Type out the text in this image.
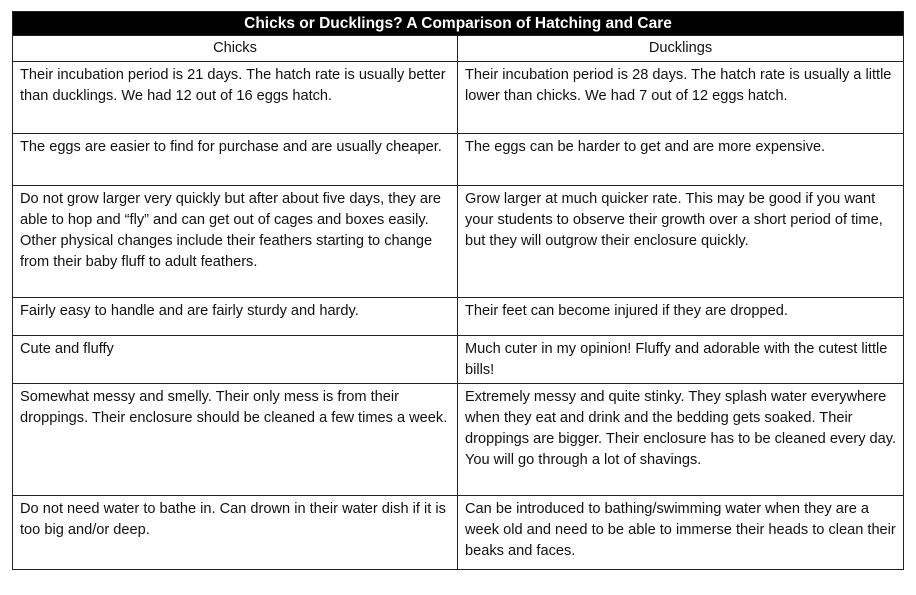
Chicks or Ducklings? A Comparison of Hatching and Care	
Chicks	Ducklings
Their incubation period is 21 days. The hatch rate is usually better than ducklings. We had 12 out of 16 eggs hatch.	Their incubation period is 28 days. The hatch rate is usually a little lower than chicks. We had 7 out of 12 eggs hatch.
The eggs are easier to find for purchase and are usually cheaper.	The eggs can be harder to get and are more expensive.
Do not grow larger very quickly but after about five days, they are able to hop and “fly” and can get out of cages and boxes easily. Other physical changes include their feathers starting to change from their baby fluff to adult feathers.	Grow larger at much quicker rate. This may be good if you want your students to observe their growth over a short period of time, but they will outgrow their enclosure quickly.
Fairly easy to handle and are fairly sturdy and hardy.	Their feet can become injured if they are dropped.
Cute and fluffy	Much cuter in my opinion! Fluffy and adorable with the cutest little bills!
Somewhat messy and smelly. Their only mess is from their droppings. Their enclosure should be cleaned a few times a week.	Extremely messy and quite stinky. They splash water everywhere when they eat and drink and the bedding gets soaked. Their droppings are bigger. Their enclosure has to be cleaned every day. You will go through a lot of shavings.
Do not need water to bathe in. Can drown in their water dish if it is too big and/or deep.	Can be introduced to bathing/swimming water when they are a week old and need to be able to immerse their heads to clean their beaks and faces.
